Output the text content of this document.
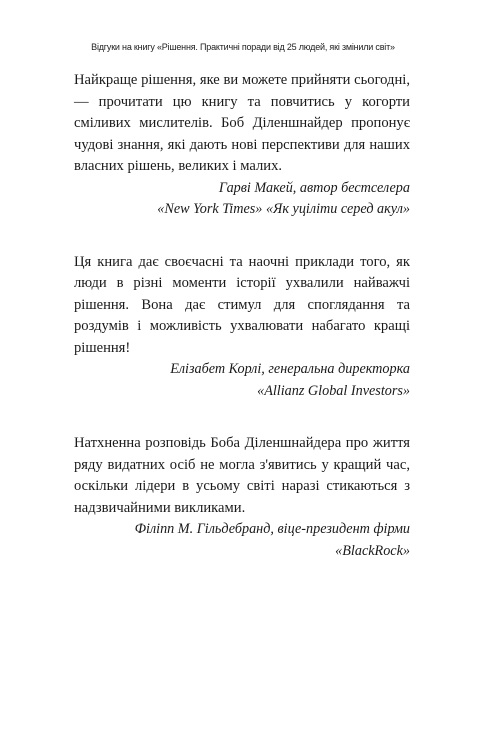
Відгуки на книгу «Рішення. Практичні поради від 25 людей, які змінили світ»

Найкраще рішення, яке ви можете прийняти сьогодні, — прочитати цю книгу та повчитись у когорти сміливих мислителів. Боб Діленшнайдер пропонує чудові знання, які дають нові перспективи для наших власних рішень, великих і малих.

Гарві Макей, автор бестселера
«New York Times» «Як уціліти серед акул»

Ця книга дає своєчасні та наочні приклади того, як люди в різні моменти історії ухвалили найважчі рішення. Вона дає стимул для споглядання та роздумів і можливість ухвалювати набагато кращі рішення!

Елізабет Корлі, генеральна директорка
«Allianz Global Investors»

Натхненна розповідь Боба Діленшнайдера про життя ряду видатних осіб не могла з'явитись у кращий час, оскільки лідери в усьому світі наразі стикаються з надзвичайними викликами.

Філіпп М. Гільдебранд, віце-президент фірми
«BlackRock»
